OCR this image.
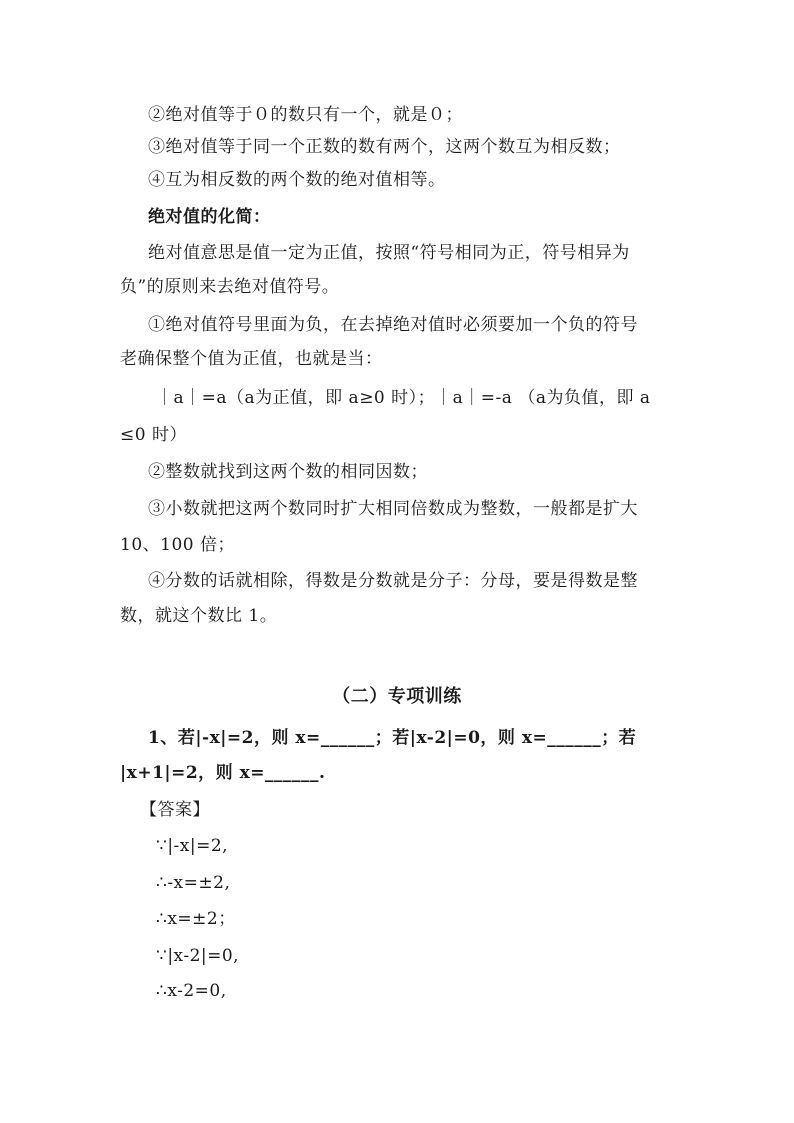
②绝对值等于０的数只有一个，就是０；
③绝对值等于同一个正数的数有两个，这两个数互为相反数；
④互为相反数的两个数的绝对值相等。
绝对值的化简：
绝对值意思是值一定为正值，按照“符号相同为正，符号相异为
负”的原则来去绝对值符号。
①绝对值符号里面为负，在去掉绝对值时必须要加一个负的符号
老确保整个值为正值，也就是当：
｜a｜=a（a为正值，即 a≥0 时）；｜a｜=-a （a为负值，即 a
≤0 时）
②整数就找到这两个数的相同因数；
③小数就把这两个数同时扩大相同倍数成为整数，一般都是扩大
10、100 倍；
④分数的话就相除，得数是分数就是分子：分母，要是得数是整
数，就这个数比 1。
（二）专项训练
1、若|-x|=2，则 x=______；若|x-2|=0，则 x=______；若
|x+1|=2，则 x=______.
【答案】
∵|-x|=2,
∴-x=±2,
∴x=±2；
∵|x-2|=0,
∴x-2=0,
